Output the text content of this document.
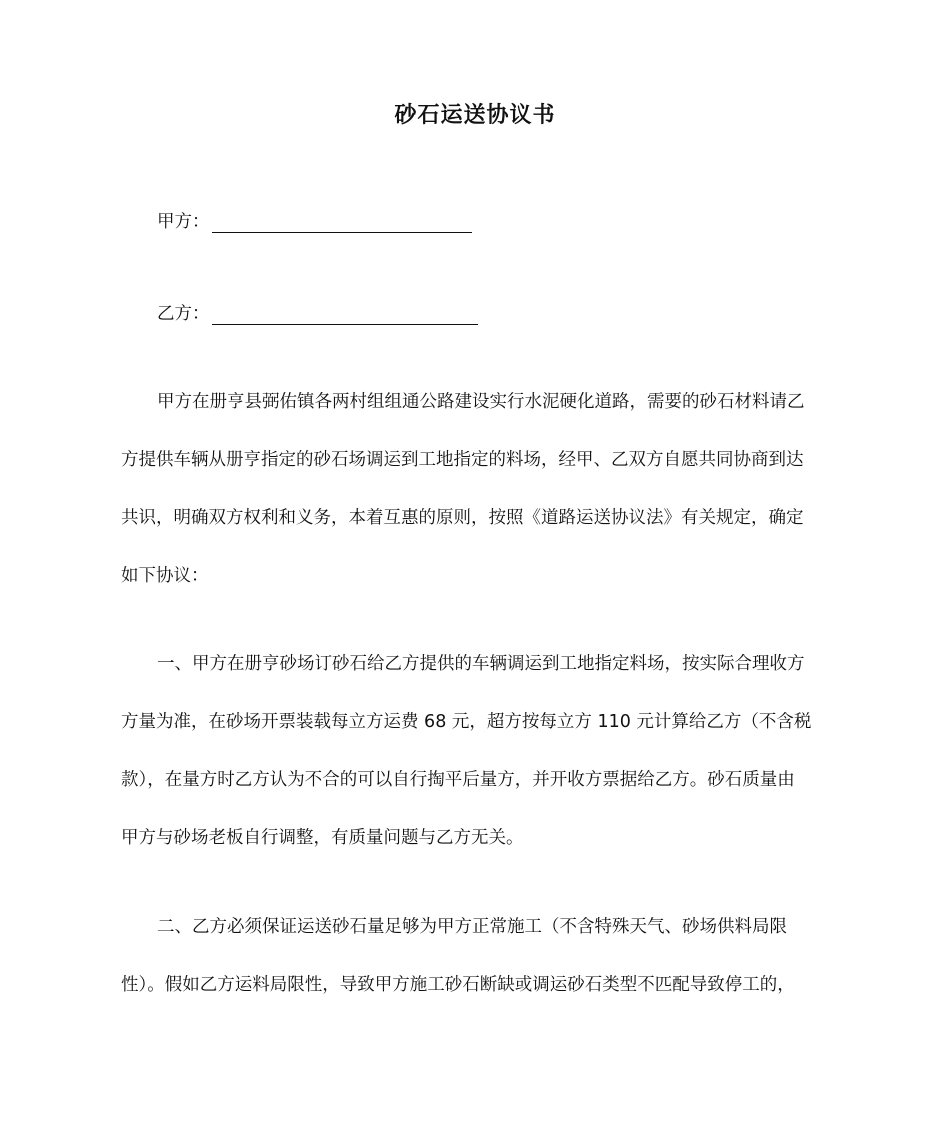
砂石运送协议书
甲方：
乙方：
甲方在册亨县弼佑镇各两村组组通公路建设实行水泥硬化道路，需要的砂石材料请乙
方提供车辆从册亨指定的砂石场调运到工地指定的料场，经甲、乙双方自愿共同协商到达
共识，明确双方权利和义务，本着互惠的原则，按照《道路运送协议法》有关规定，确定
如下协议：
一、甲方在册亨砂场订砂石给乙方提供的车辆调运到工地指定料场，按实际合理收方
方量为准，在砂场开票装载每立方运费 68 元，超方按每立方 110 元计算给乙方（不含税
款），在量方时乙方认为不合的可以自行掏平后量方，并开收方票据给乙方。砂石质量由
甲方与砂场老板自行调整，有质量问题与乙方无关。
二、乙方必须保证运送砂石量足够为甲方正常施工（不含特殊天气、砂场供料局限
性）。假如乙方运料局限性，导致甲方施工砂石断缺或调运砂石类型不匹配导致停工的，
